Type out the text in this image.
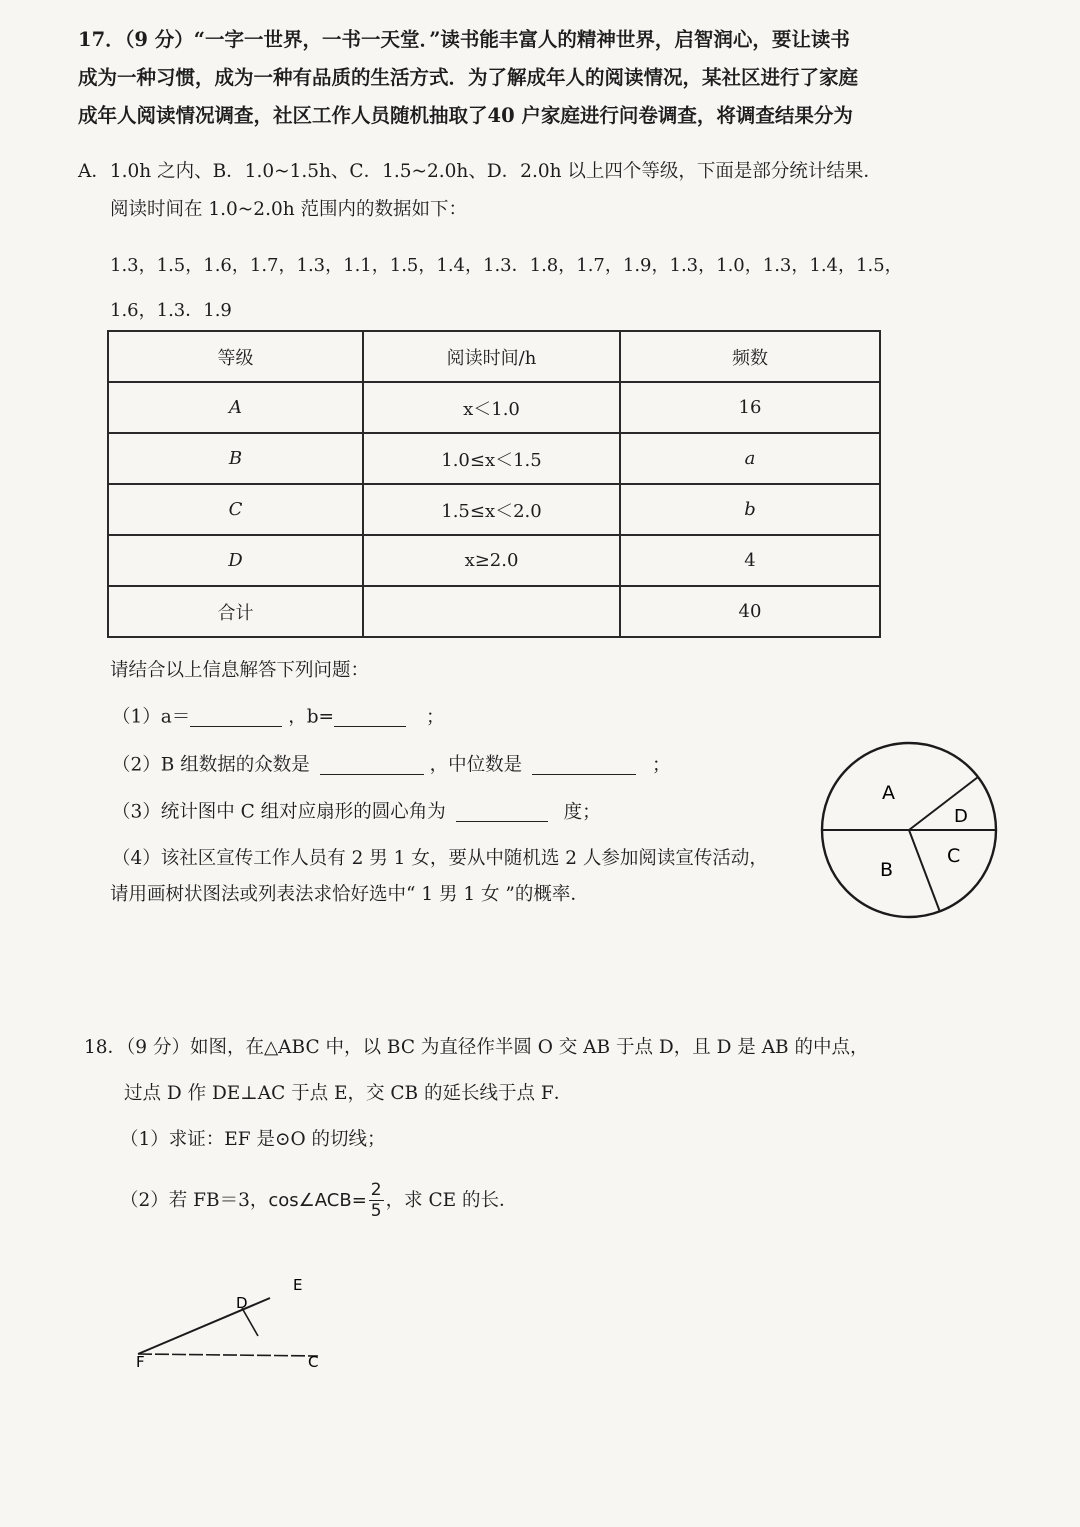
17．（9 分）“一字一世界，一书一天堂．”读书能丰富人的精神世界，启智润心，要让读书
成为一种习惯，成为一种有品质的生活方式．为了解成年人的阅读情况，某社区进行了家庭
成年人阅读情况调查，社区工作人员随机抽取了40 户家庭进行问卷调查，将调查结果分为
A．1.0h 之内、B．1.0~1.5h、C．1.5~2.0h、D．2.0h 以上四个等级，下面是部分统计结果．
阅读时间在 1.0~2.0h 范围内的数据如下：
1.3，1.5，1.6，1.7，1.3，1.1，1.5，1.4，1.3．1.8，1.7，1.9，1.3，1.0，1.3，1.4，1.5，
1.6，1.3．1.9
等级	阅读时间/h	频数
A	x＜1.0	16
B	1.0≤x＜1.5	a
C	1.5≤x＜2.0	b
D	x≥2.0	4
合计		40
请结合以上信息解答下列问题：
（1）a＝	，b=	；
（2）B 组数据的众数是	，中位数是	；
（3）统计图中 C 组对应扇形的圆心角为	度；
（4）该社区宣传工作人员有 2 男 1 女，要从中随机选 2 人参加阅读宣传活动，
请用画树状图法或列表法求恰好选中“ 1 男 1 女 ”的概率．
A
D
B
C
18．（9 分）如图，在△ABC 中，以 BC 为直径作半圆 O 交 AB 于点 D，且 D 是 AB 的中点，
过点 D 作 DE⊥AC 于点 E，交 CB 的延长线于点 F．
（1）求证：EF 是⊙O 的切线；
（2）若 FB＝3，cos∠ACB= $\frac{2}{5}$ ，求 CE 的长．
E
D
F	C
